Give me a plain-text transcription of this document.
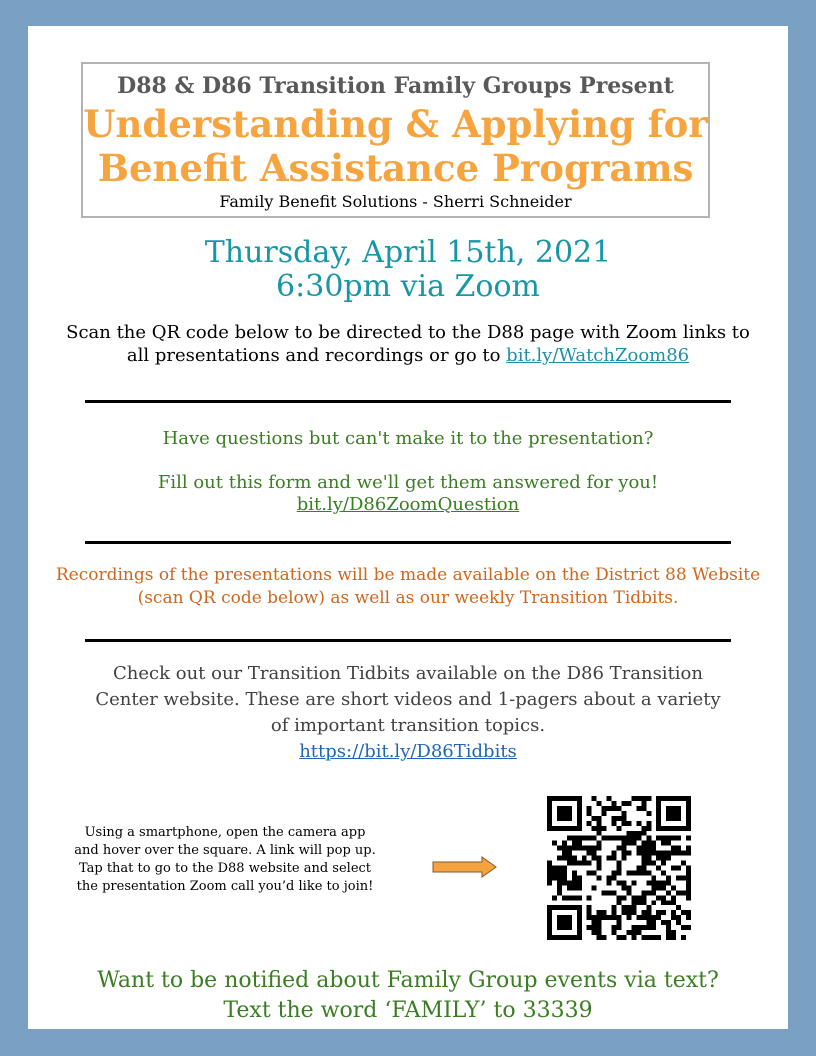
D88 & D86 Transition Family Groups Present
Understanding & Applying for
Benefit Assistance Programs
Family Benefit Solutions - Sherri Schneider
Thursday, April 15th, 2021
6:30pm via Zoom
Scan the QR code below to be directed to the D88 page with Zoom links to
all presentations and recordings or go to bit.ly/WatchZoom86

Have questions but can't make it to the presentation?

Fill out this form and we'll get them answered for you!

bit.ly/D86ZoomQuestion

Recordings of the presentations will be made available on the District 88 Website
(scan QR code below) as well as our weekly Transition Tidbits.
Check out our Transition Tidbits available on the D86 Transition
Center website. These are short videos and 1-pagers about a variety
of important transition topics.
https://bit.ly/D86Tidbits
Using a smartphone, open the camera app
and hover over the square. A link will pop up.
Tap that to go to the D88 website and select
the presentation Zoom call you’d like to join!
Want to be notified about Family Group events via text?
Text the word ‘FAMILY’ to 33339
